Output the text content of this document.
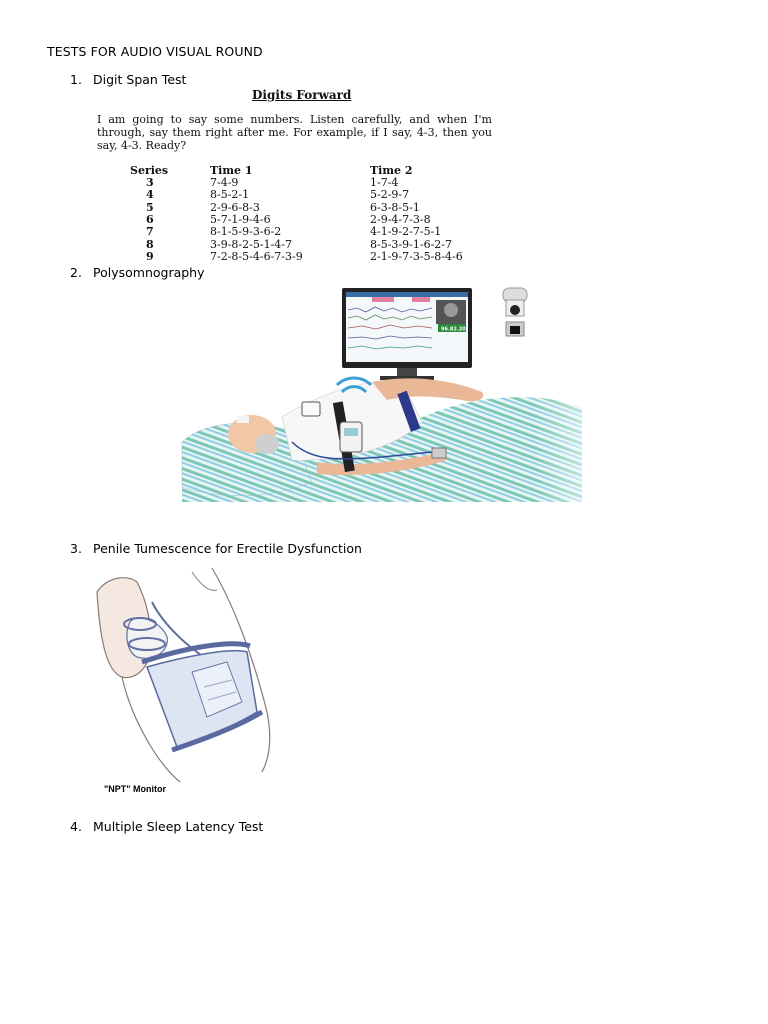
TESTS FOR AUDIO VISUAL ROUND
1. Digit Span Test
Digits Forward
I am going to say some numbers. Listen carefully, and when I'm through, say them right after me. For example, if I say, 4-3, then you say, 4-3. Ready?
Series	Time 1	Time 2
3	7-4-9	1-7-4
4	8-5-2-1	5-2-9-7
5	2-9-6-8-3	6-3-8-5-1
6	5-7-1-9-4-6	2-9-4-7-3-8
7	8-1-5-9-3-6-2	4-1-9-2-7-5-1
8	3-9-8-2-5-1-4-7	8-5-3-9-1-6-2-7
9	7-2-8-5-4-6-7-3-9	2-1-9-7-3-5-8-4-6
2. Polysomnography
3. Penile Tumescence for Erectile Dysfunction
"NPT" Monitor
4. Multiple Sleep Latency Test
